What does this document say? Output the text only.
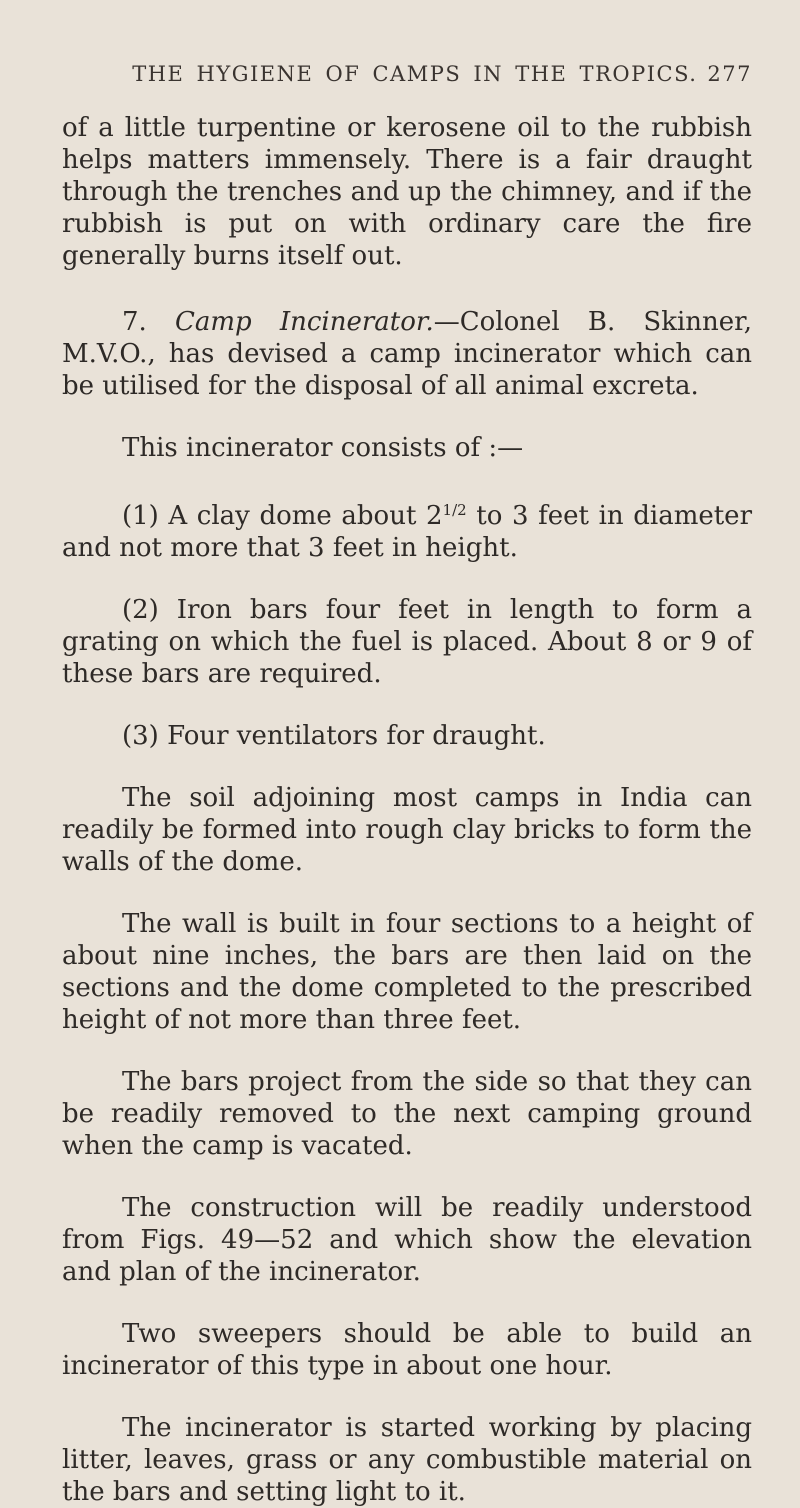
THE HYGIENE OF CAMPS IN THE TROPICS. 277

of a little turpentine or kerosene oil to the rubbish helps matters immensely. There is a fair draught through the trenches and up the chimney, and if the rubbish is put on with ordinary care the fire generally burns itself out.

7. Camp Incinerator.—Colonel B. Skinner, M.V.O., has devised a camp incinerator which can be utilised for the disposal of all animal excreta.

This incinerator consists of :—

(1) A clay dome about $2^{1/2}$ to 3 feet in diameter and not more that 3 feet in height.

(2) Iron bars four feet in length to form a grating on which the fuel is placed. About 8 or 9 of these bars are required.

(3) Four ventilators for draught.

The soil adjoining most camps in India can readily be formed into rough clay bricks to form the walls of the dome.

The wall is built in four sections to a height of about nine inches, the bars are then laid on the sections and the dome completed to the prescribed height of not more than three feet.

The bars project from the side so that they can be readily removed to the next camping ground when the camp is vacated.

The construction will be readily understood from Figs. 49—52 and which show the elevation and plan of the incinerator.

Two sweepers should be able to build an incinerator of this type in about one hour.

The incinerator is started working by placing litter, leaves, grass or any combustible material on the bars and setting light to it.
